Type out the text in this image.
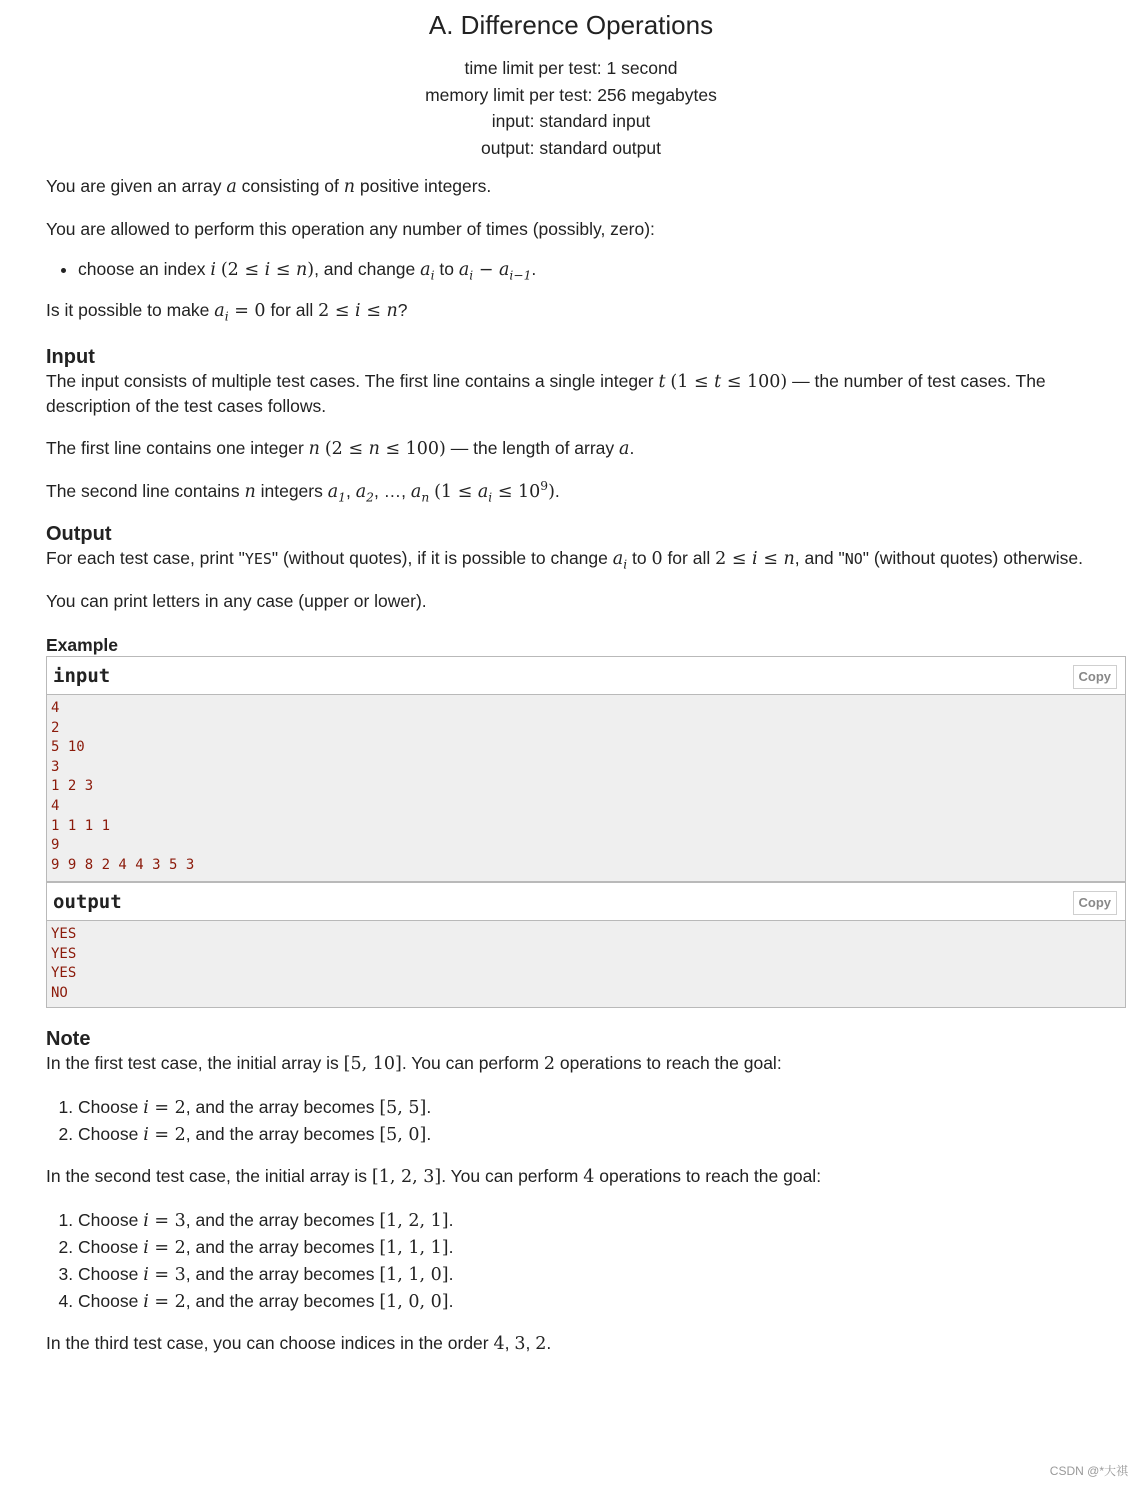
A. Difference Operations
time limit per test: 1 second
memory limit per test: 256 megabytes
input: standard input
output: standard output

You are given an array a consisting of n positive integers.

You are allowed to perform this operation any number of times (possibly, zero):

• choose an index i (2 ≤ i ≤ n), and change $a_i$ to $a_i - a_{i-1}$.

Is it possible to make $a_i = 0$ for all 2 ≤ i ≤ n?

Input

The input consists of multiple test cases. The first line contains a single integer t (1 ≤ t ≤ 100) — the number of test cases. The description of the test cases follows.

The first line contains one integer n (2 ≤ n ≤ 100) — the length of array a.

The second line contains n integers $a_1$, $a_2$, …, $a_n$ $(1 \le a_i \le 10^9)$.

Output

For each test case, print "YES" (without quotes), if it is possible to change $a_i$ to 0 for all 2 ≤ i ≤ n, and "NO" (without quotes) otherwise.

You can print letters in any case (upper or lower).

Example
input	Copy
4
2
5 10
3
1 2 3
4
1 1 1 1
9
9 9 8 2 4 4 3 5 3
output	Copy
YES
YES
YES
NO
Note

In the first test case, the initial array is [5, 10]. You can perform 2 operations to reach the goal:

1. Choose i = 2, and the array becomes [5, 5].
2. Choose i = 2, and the array becomes [5, 0].

In the second test case, the initial array is [1, 2, 3]. You can perform 4 operations to reach the goal:

1. Choose i = 3, and the array becomes [1, 2, 1].
2. Choose i = 2, and the array becomes [1, 1, 1].
3. Choose i = 3, and the array becomes [1, 1, 0].
4. Choose i = 2, and the array becomes [1, 0, 0].

In the third test case, you can choose indices in the order 4, 3, 2.

CSDN @*大祺
